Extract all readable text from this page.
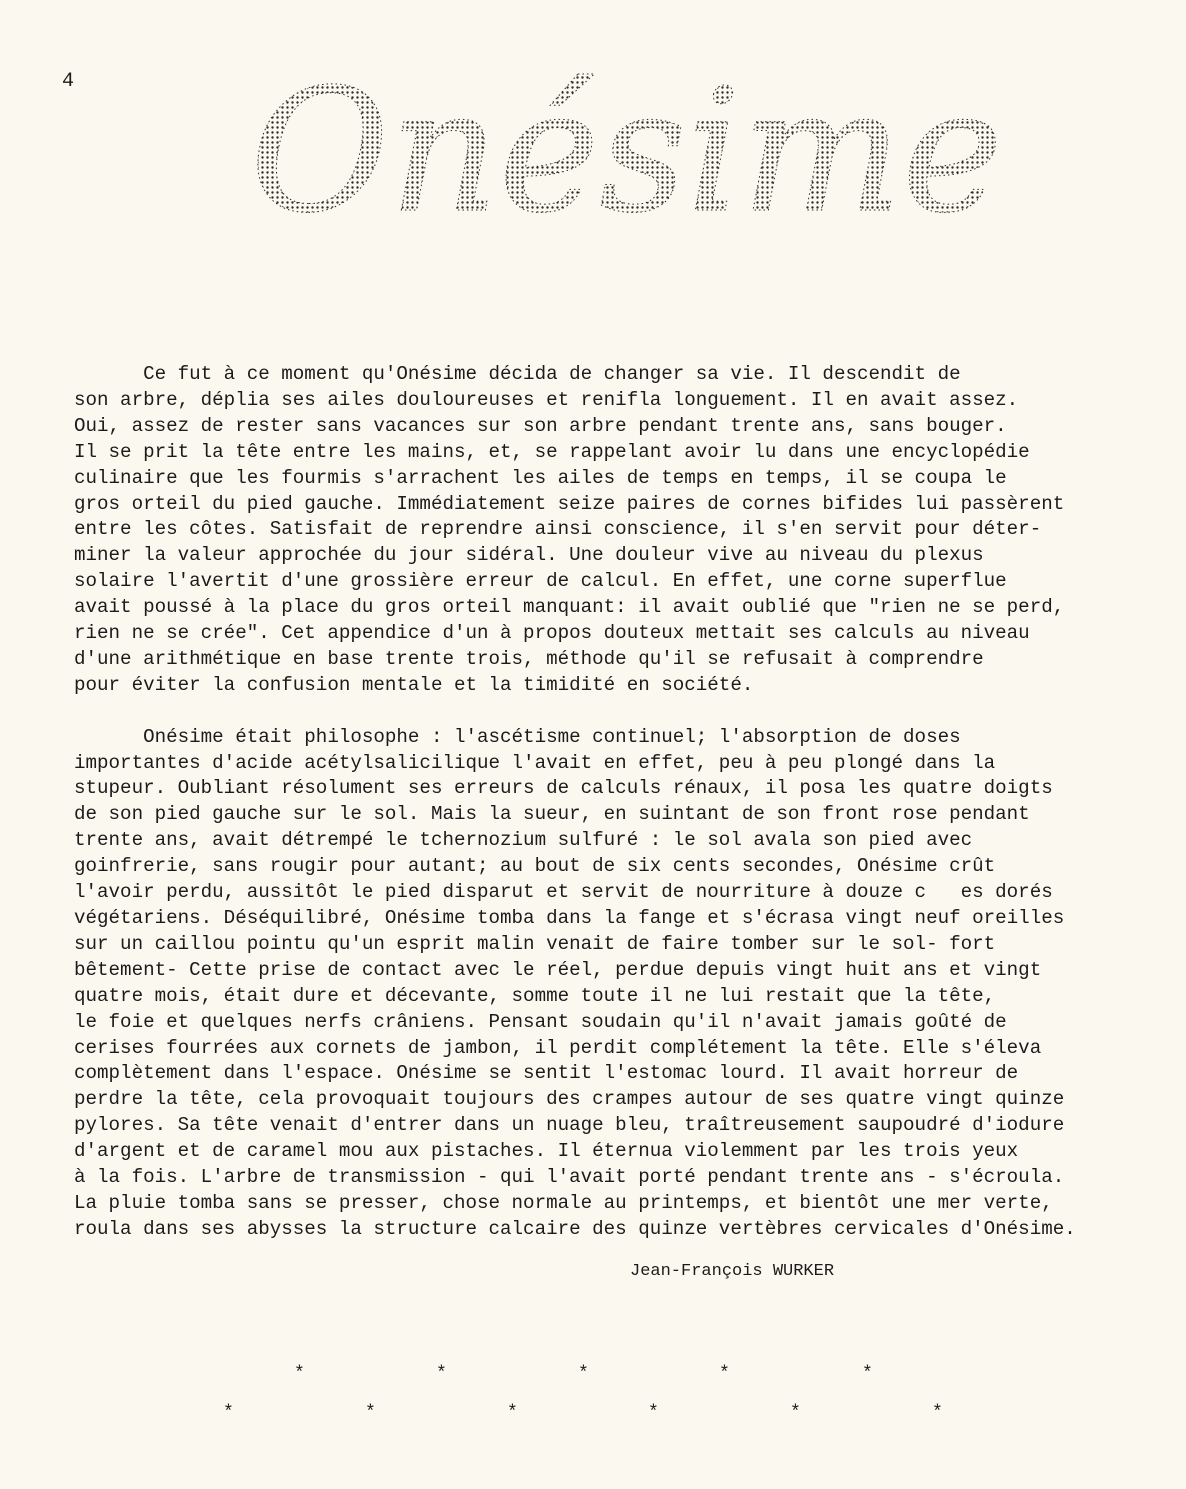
4 Onésime
Ce fut à ce moment qu'Onésime décida de changer sa vie. Il descendit de
son arbre, déplia ses ailes douloureuses et renifla longuement. Il en avait assez.
Oui, assez de rester sans vacances sur son arbre pendant trente ans, sans bouger.
Il se prit la tête entre les mains, et, se rappelant avoir lu dans une encyclopédie
culinaire que les fourmis s'arrachent les ailes de temps en temps, il se coupa le
gros orteil du pied gauche. Immédiatement seize paires de cornes bifides lui passèrent
entre les côtes. Satisfait de reprendre ainsi conscience, il s'en servit pour déter-
miner la valeur approchée du jour sidéral. Une douleur vive au niveau du plexus
solaire l'avertit d'une grossière erreur de calcul. En effet, une corne superflue
avait poussé à la place du gros orteil manquant: il avait oublié que "rien ne se perd,
rien ne se crée". Cet appendice d'un à propos douteux mettait ses calculs au niveau
d'une arithmétique en base trente trois, méthode qu'il se refusait à comprendre
pour éviter la confusion mentale et la timidité en société.
Onésime était philosophe : l'ascétisme continuel; l'absorption de doses
importantes d'acide acétylsalicilique l'avait en effet, peu à peu plongé dans la
stupeur. Oubliant résolument ses erreurs de calculs rénaux, il posa les quatre doigts
de son pied gauche sur le sol. Mais la sueur, en suintant de son front rose pendant
trente ans, avait détrempé le tchernozium sulfuré : le sol avala son pied avec
goinfrerie, sans rougir pour autant; au bout de six cents secondes, Onésime crût
l'avoir perdu, aussitôt le pied disparut et servit de nourriture à douze c   es dorés
végétariens. Déséquilibré, Onésime tomba dans la fange et s'écrasa vingt neuf oreilles
sur un caillou pointu qu'un esprit malin venait de faire tomber sur le sol- fort
bêtement- Cette prise de contact avec le réel, perdue depuis vingt huit ans et vingt
quatre mois, était dure et décevante, somme toute il ne lui restait que la tête,
le foie et quelques nerfs crâniens. Pensant soudain qu'il n'avait jamais goûté de
cerises fourrées aux cornets de jambon, il perdit complétement la tête. Elle s'éleva
complètement dans l'espace. Onésime se sentit l'estomac lourd. Il avait horreur de
perdre la tête, cela provoquait toujours des crampes autour de ses quatre vingt quinze
pylores. Sa tête venait d'entrer dans un nuage bleu, traîtreusement saupoudré d'iodure
d'argent et de caramel mou aux pistaches. Il éternua violemment par les trois yeux
à la fois. L'arbre de transmission - qui l'avait porté pendant trente ans - s'écroula.
La pluie tomba sans se presser, chose normale au printemps, et bientôt une mer verte,
roula dans ses abysses la structure calcaire des quinze vertèbres cervicales d'Onésime.
Jean-François WURKER
*	*	*	*	*
*	*	*	*	*	*
